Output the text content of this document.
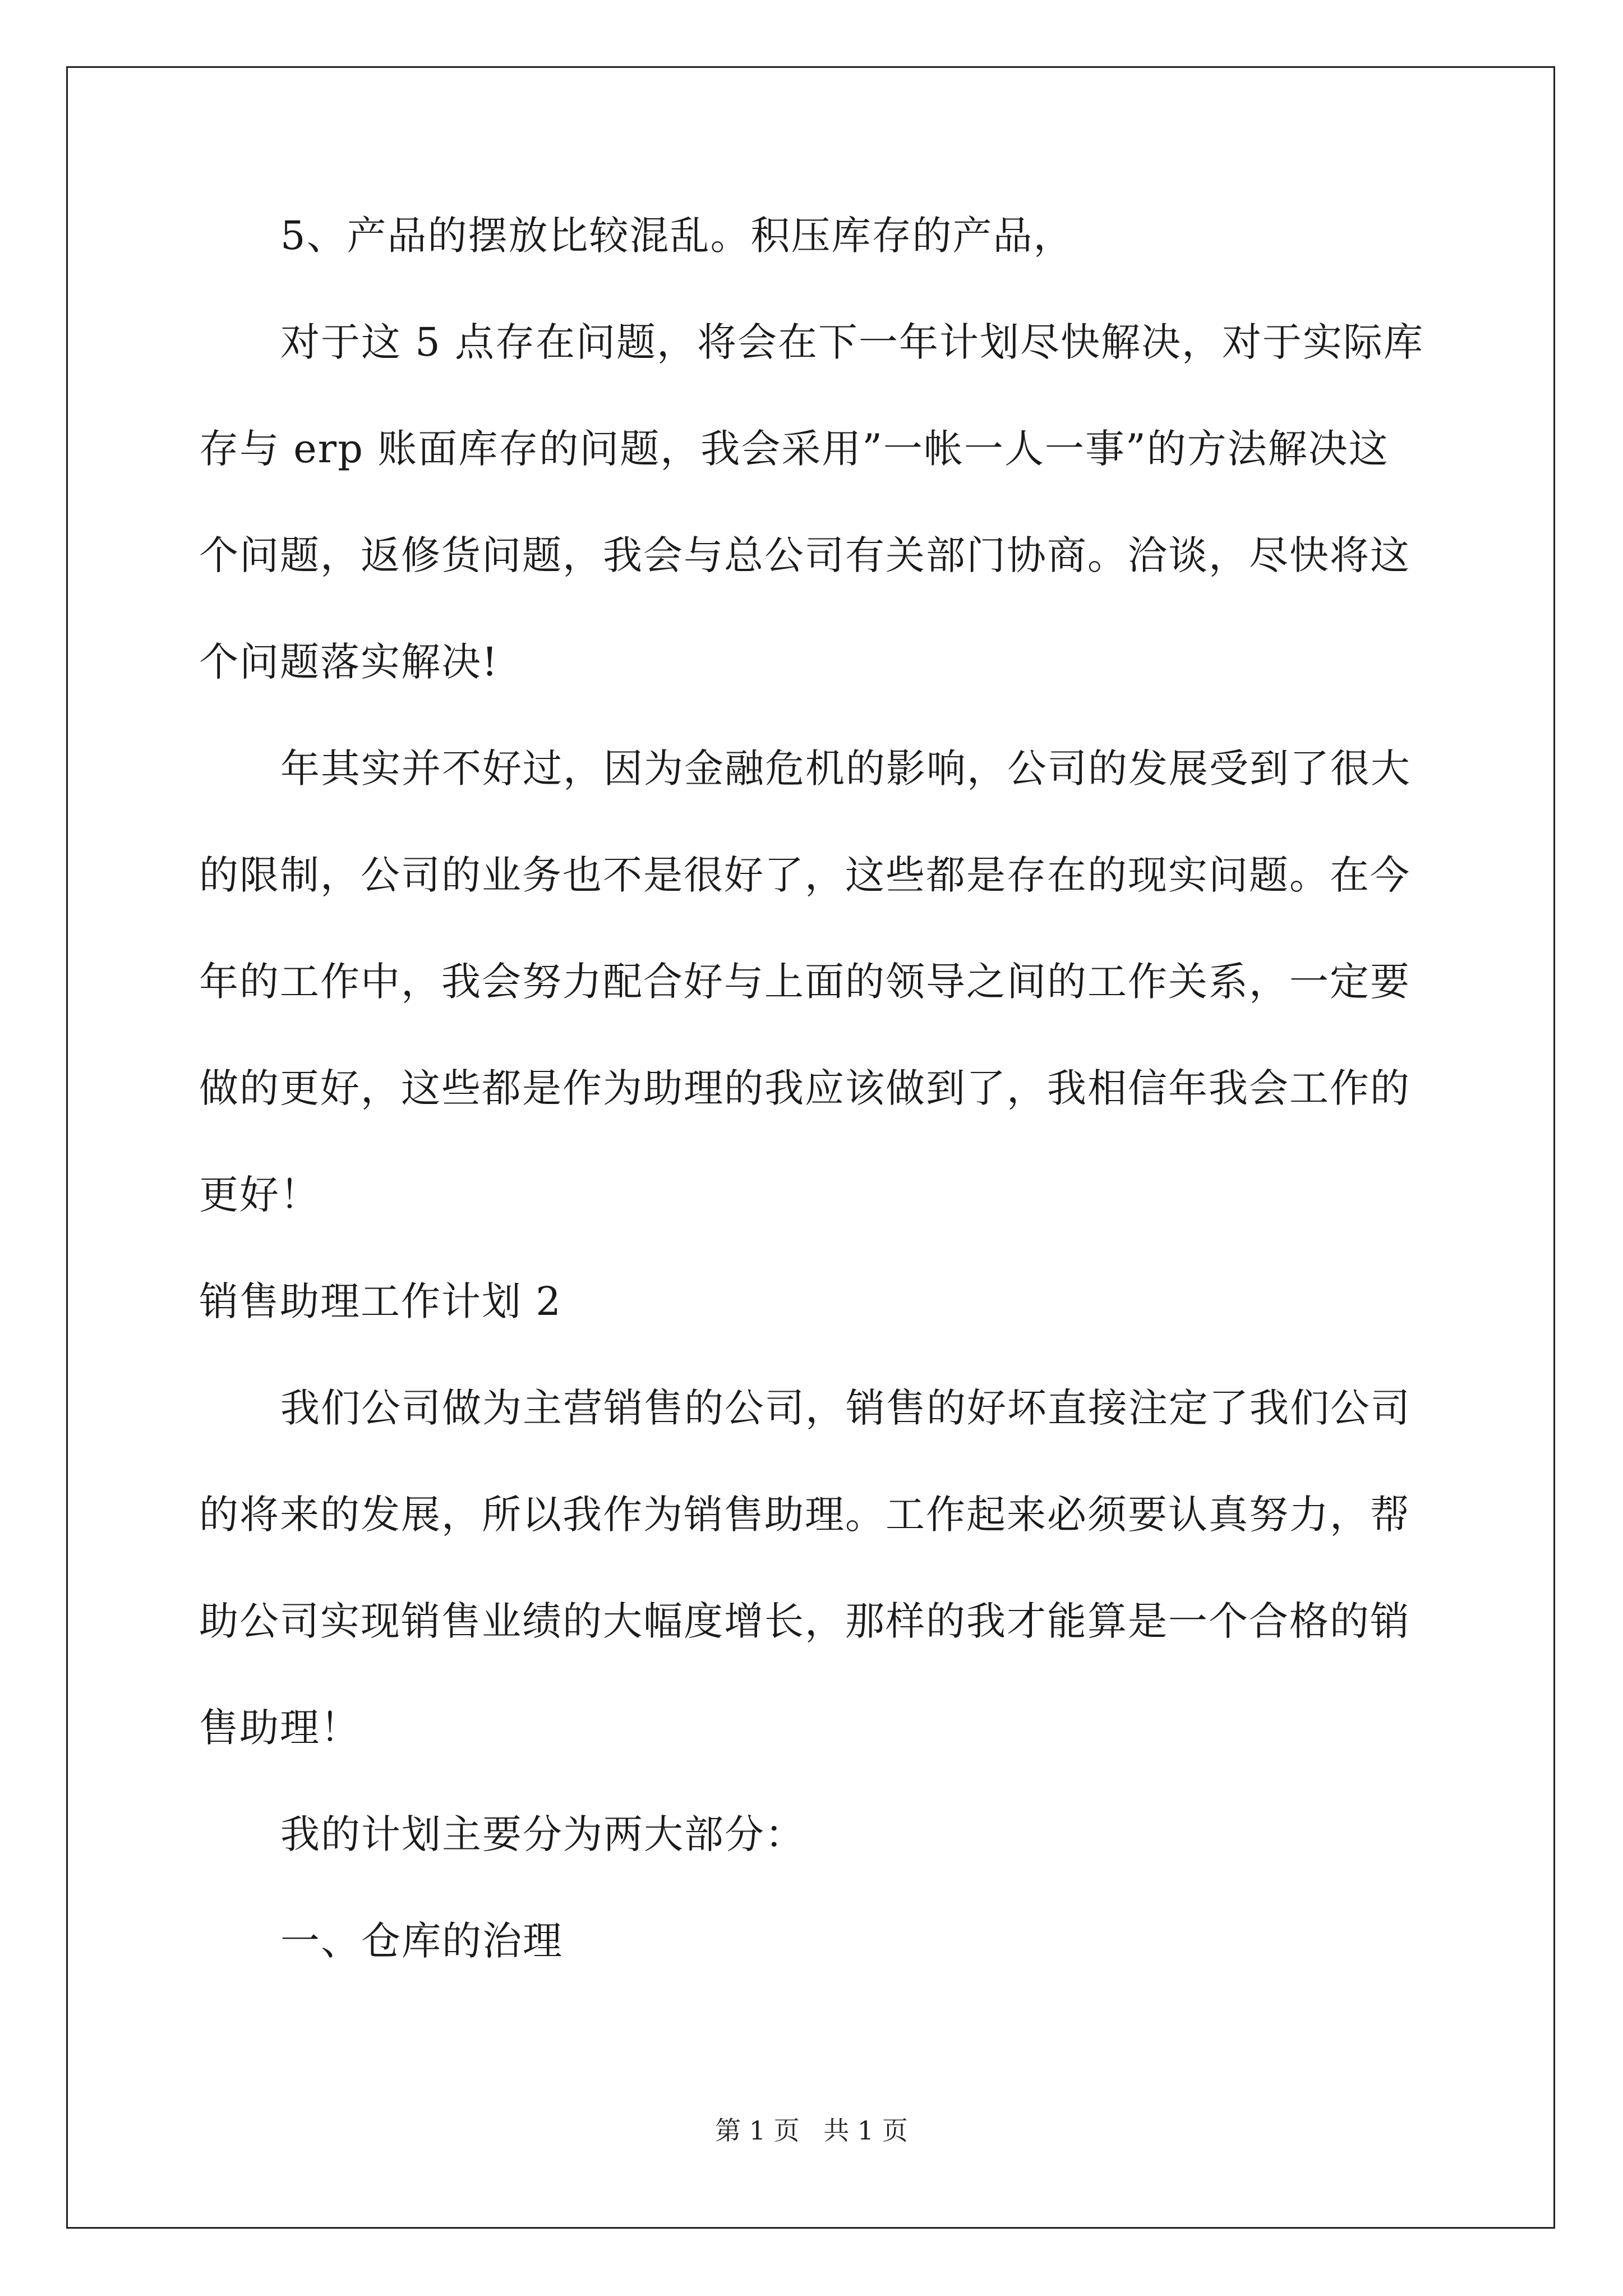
5、产品的摆放比较混乱。积压库存的产品，
对于这 5 点存在问题，将会在下一年计划尽快解决，对于实际库
存与 erp 账面库存的问题，我会采用”一帐一人一事”的方法解决这
个问题，返修货问题，我会与总公司有关部门协商。洽谈，尽快将这
个问题落实解决!
年其实并不好过，因为金融危机的影响，公司的发展受到了很大
的限制，公司的业务也不是很好了，这些都是存在的现实问题。在今
年的工作中，我会努力配合好与上面的领导之间的工作关系，一定要
做的更好，这些都是作为助理的我应该做到了，我相信年我会工作的
更好！
销售助理工作计划 2
我们公司做为主营销售的公司，销售的好坏直接注定了我们公司
的将来的发展，所以我作为销售助理。工作起来必须要认真努力，帮
助公司实现销售业绩的大幅度增长，那样的我才能算是一个合格的销
售助理！
我的计划主要分为两大部分：
一、仓库的治理
第 1 页 共 1 页
